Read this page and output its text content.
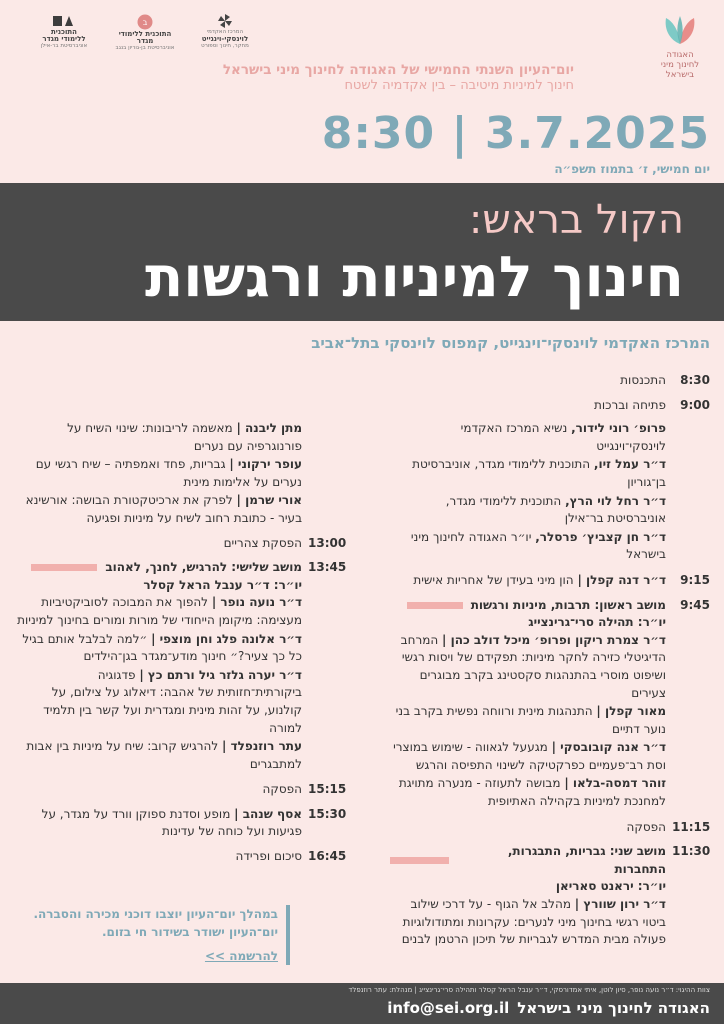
האגודה
לחינוך מיני
בישראל
המרכז האקדמי
לוינסקי-וינגייט
מחקר, חינוך וספורט
ב
התוכנית ללימודי מגדר
אוניברסיטת בן-גוריון בנגב
התוכנית
ללימודי מגדר
אוניברסיטת בר-אילן
יום־העיון השנתי החמישי של האגודה לחינוך מיני בישראל
חינוך למיניות מיטיבה – בין אקדמיה לשטח
8:30 | 3.7.2025
יום חמישי, ז׳ בתמוז תשפ״ה
הקול בראש:
חינוך למיניות ורגשות
המרכז האקדמי לוינסקי־וינגייט, קמפוס לוינסקי בתל־אביב
8:30
התכנסות
9:00
פתיחה וברכות
פרופ׳ רוני לידור, נשיא המרכז האקדמי לוינסקי־וינגייט
ד״ר עמל זיו, התוכנית ללימודי מגדר, אוניברסיטת בן־גוריון
ד״ר רחל לוי הרץ, התוכנית ללימודי מגדר, אוניברסיטת בר־אילן
ד״ר חן קצביץ׳ פרסלר, יו״ר האגודה לחינוך מיני בישראל
9:15
ד״ר דנה קפלן | הון מיני בעידן של אחריות אישית
9:45
מושב ראשון: תרבות, מיניות ורגשות
יו״ר: תהילה סרי־גרינצייג
ד״ר צמרת ריקון ופרופ׳ מיכל דולב כהן | המרחב הדיגיטלי כזירה לחקר מיניות: תפקידם של ויסות רגשי ושיפוט מוסרי בהתנהגות סקסטינג בקרב מבוגרים צעירים
מאור קפלן | התנהגות מינית ורווחה נפשית בקרב בני נוער דתיים
ד״ר אנה קובובסקי | מגעעל לגאווה - שימוש במוצרי וסת רב־פעמיים כפרקטיקה לשינוי התפיסה והרגש
זוהר דמסה-בלאו | מבושה לתעוזה - מנערה מתויגת למחנכת למיניות בקהילה האתיופית
11:15
הפסקה
11:30
מושב שני: גבריות, התבגרות, התחברות
יו״ר: יראנט סאריאן
ד״ר ירון שוורץ | מהלב אל הגוף - על דרכי שילוב ביטוי רגשי בחינוך מיני לנערים: עקרונות ומתודולוגיות פעולה מבית המדרש לגבריות של תיכון הרטמן לבנים
מתן ליבנה | מאשמה לריבונות: שינוי השיח על פורנוגרפיה עם נערים
עופר ירקוני | גבריות, פחד ואמפתיה – שיח רגשי עם נערים על אלימות מינית
אורי שרמן | לפרק את ארכיטקטורת הבושה: אורשינא בעיר - כתובת רחוב לשיח על מיניות ופגיעה
13:00
הפסקת צהריים
13:45
מושב שלישי: להרגיש, לחנך, לאהוב
יו״ר: ד״ר ענבל הראל קסלר
ד״ר נועה נופר | להפוך את המבוכה לסוביקטיביות מעצימה: מיקומן הייחודי של מורות ומורים בחינוך למיניות
ד״ר אלונה פלג וחן מוצפי | ״למה לבלבל אותם בגיל כל כך צעיר?״ חינוך מודע־מגדר בגן־הילדים
ד״ר יערה גלזר גיל ורתם כץ | פדגוגיה ביקורתית־חזותית של אהבה: דיאלוג על צילום, על קולנוע, על זהות מינית ומגדרית ועל קשר בין תלמיד למורה
עתר רוזנפלד | להרגיש קרוב: שיח על מיניות בין אבות למתבגרים
15:15
הפסקה
15:30
אסף שנהב | מופע וסדנת ספוקן וורד על מגדר, על פגיעות ועל כוחה של עדינות
16:45
סיכום ופרידה
במהלך יום־העיון יוצבו דוכני מכירה והסברה.
יום־העיון ישודר בשידור חי בזום.
להרשמה >>
צוות ההיגוי: ד״ר נועה נופר, סיון לוטן, איתי אמדורסקי, ד״ר ענבל הראל קסלר ותהילה סרי־גרינצייג | מנהלת: עתר רוזנפלד
האגודה לחינוך מיני בישראלinfo@sei.org.il
